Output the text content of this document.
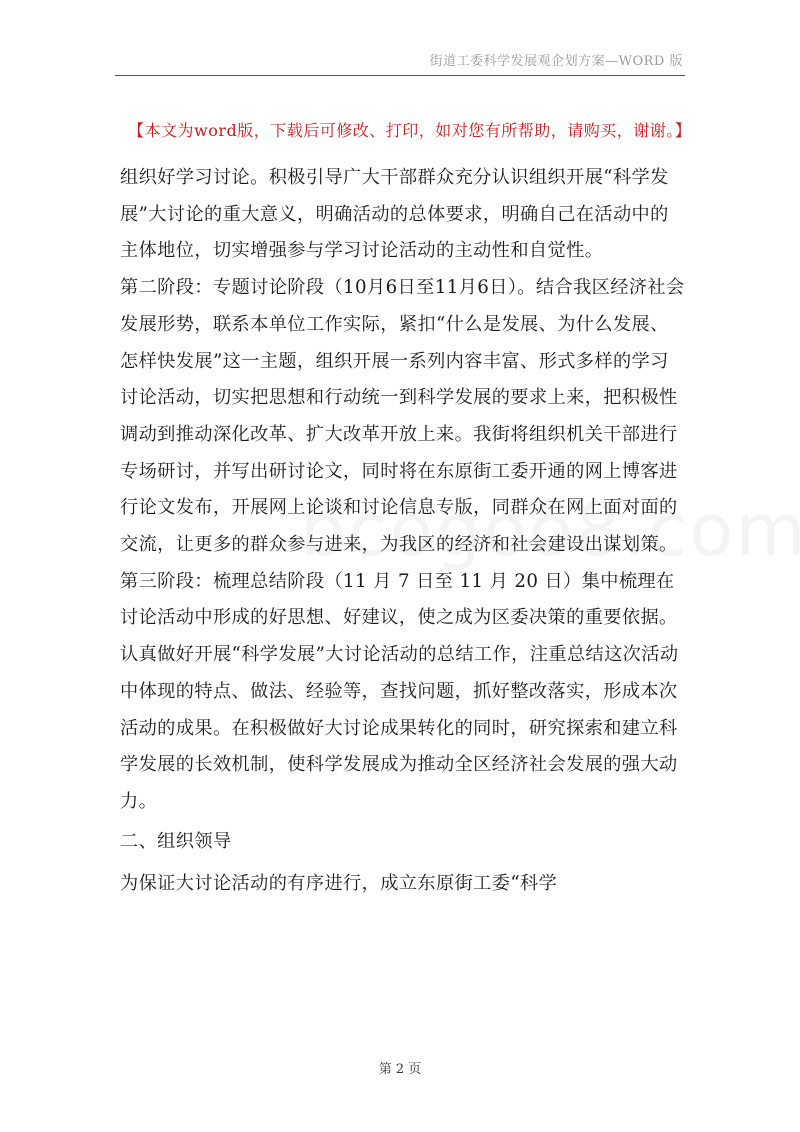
街道工委科学发展观企划方案—WORD 版
【本文为word版，下载后可修改、打印，如对您有所帮助，请购买，谢谢。】

组织好学习讨论。积极引导广大干部群众充分认识组织开展“科学发展”大讨论的重大意义，明确活动的总体要求，明确自己在活动中的主体地位，切实增强参与学习讨论活动的主动性和自觉性。

第二阶段：专题讨论阶段（10月6日至11月6日）。结合我区经济社会发展形势，联系本单位工作实际，紧扣“什么是发展、为什么发展、怎样快发展”这一主题，组织开展一系列内容丰富、形式多样的学习讨论活动，切实把思想和行动统一到科学发展的要求上来，把积极性调动到推动深化改革、扩大改革开放上来。我街将组织机关干部进行专场研讨，并写出研讨论文，同时将在东原街工委开通的网上博客进行论文发布，开展网上论谈和讨论信息专版，同群众在网上面对面的交流，让更多的群众参与进来，为我区的经济和社会建设出谋划策。

第三阶段：梳理总结阶段（11 月 7 日至 11 月 20 日）集中梳理在讨论活动中形成的好思想、好建议，使之成为区委决策的重要依据。认真做好开展“科学发展”大讨论活动的总结工作，注重总结这次活动中体现的特点、做法、经验等，查找问题，抓好整改落实，形成本次活动的成果。在积极做好大讨论成果转化的同时，研究探索和建立科学发展的长效机制，使科学发展成为推动全区经济社会发展的强大动力。

二、组织领导

为保证大讨论活动的有序进行，成立东原街工委“科学

第 2 页
